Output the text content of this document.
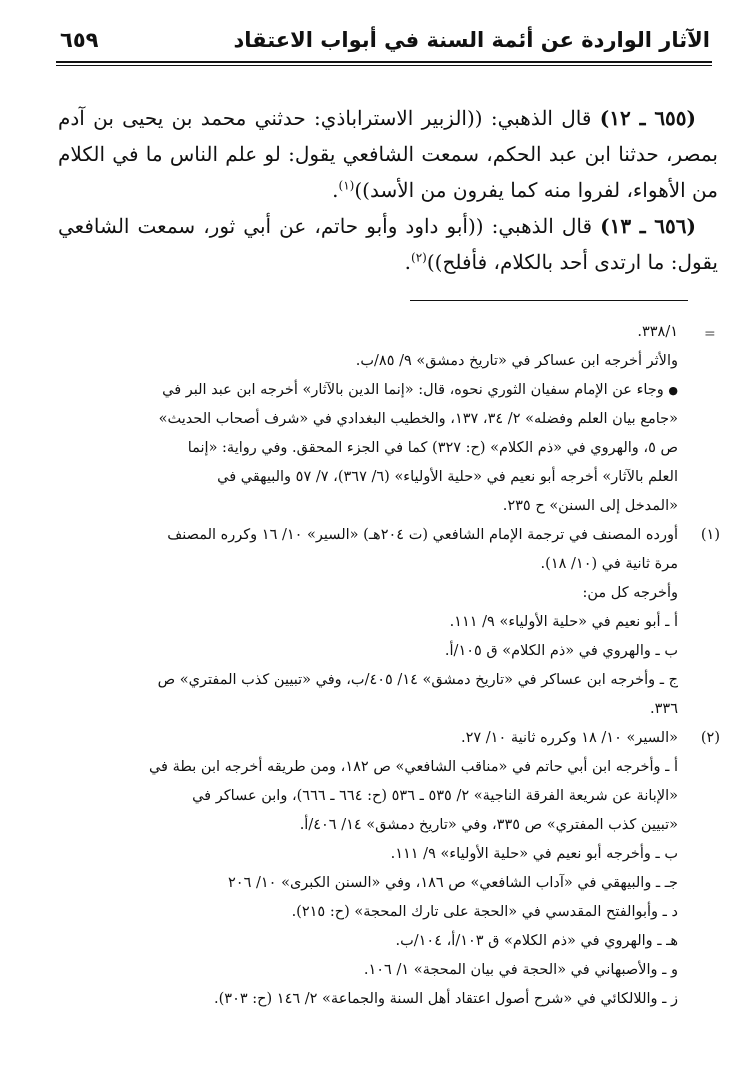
الآثار الواردة عن أئمة السنة في أبواب الاعتقاد
٦٥٩

(٦٥٥ ـ ١٢) قال الذهبي: ((الزبير الاستراباذي: حدثني محمد بن يحيى بن آدم بمصر، حدثنا ابن عبد الحكم، سمعت الشافعي يقول: لو علم الناس ما في الكلام من الأهواء، لفروا منه كما يفرون من الأسد))$^{(١)}$.

(٦٥٦ ـ ١٣) قال الذهبي: ((أبو داود وأبو حاتم، عن أبي ثور، سمعت الشافعي يقول: ما ارتدى أحد بالكلام، فأفلح))$^{(٢)}$.

=

٣٣٨/١.

والأثر أخرجه ابن عساكر في «تاريخ دمشق» ٩/ ٨٥/ب.

● وجاء عن الإمام سفيان الثوري نحوه، قال: «إنما الدين بالآثار» أخرجه ابن عبد البر في

«جامع بيان العلم وفضله» ٢/ ٣٤، ١٣٧، والخطيب البغدادي في «شرف أصحاب الحديث»

ص ٥، والهروي في «ذم الكلام» (ح: ٣٢٧) كما في الجزء المحقق. وفي رواية: «إنما

العلم بالآثار» أخرجه أبو نعيم في «حلية الأولياء» (٦/ ٣٦٧)، ٧/ ٥٧ والبيهقي في

«المدخل إلى السنن» ح ٢٣٥.

(١)

أورده المصنف في ترجمة الإمام الشافعي (ت ٢٠٤هـ) «السير» ١٠/ ١٦ وكرره المصنف

مرة ثانية في (١٠/ ١٨).

وأخرجه كل من:

أ ـ أبو نعيم في «حلية الأولياء» ٩/ ١١١.

ب ـ والهروي في «ذم الكلام» ق ١٠٥/أ.

ج ـ وأخرجه ابن عساكر في «تاريخ دمشق» ١٤/ ٤٠٥/ب، وفي «تبيين كذب المفتري» ص

٣٣٦.

(٢)

«السير» ١٠/ ١٨ وكرره ثانية ١٠/ ٢٧.

أ ـ وأخرجه ابن أبي حاتم في «مناقب الشافعي» ص ١٨٢، ومن طريقه أخرجه ابن بطة في

«الإبانة عن شريعة الفرقة الناجية» ٢/ ٥٣٥ ـ ٥٣٦ (ح: ٦٦٤ ـ ٦٦٦)، وابن عساكر في

«تبيين كذب المفتري» ص ٣٣٥، وفي «تاريخ دمشق» ١٤/ ٤٠٦/أ.

ب ـ وأخرجه أبو نعيم في «حلية الأولياء» ٩/ ١١١.

جـ ـ والبيهقي في «آداب الشافعي» ص ١٨٦، وفي «السنن الكبرى» ١٠/ ٢٠٦

د ـ وأبوالفتح المقدسي في «الحجة على تارك المحجة» (ح: ٢١٥).

هـ ـ والهروي في «ذم الكلام» ق ١٠٣/أ، ١٠٤/ب.

و ـ والأصبهاني في «الحجة في بيان المحجة» ١/ ١٠٦.

ز ـ واللالكائي في «شرح أصول اعتقاد أهل السنة والجماعة» ٢/ ١٤٦ (ح: ٣٠٣).
